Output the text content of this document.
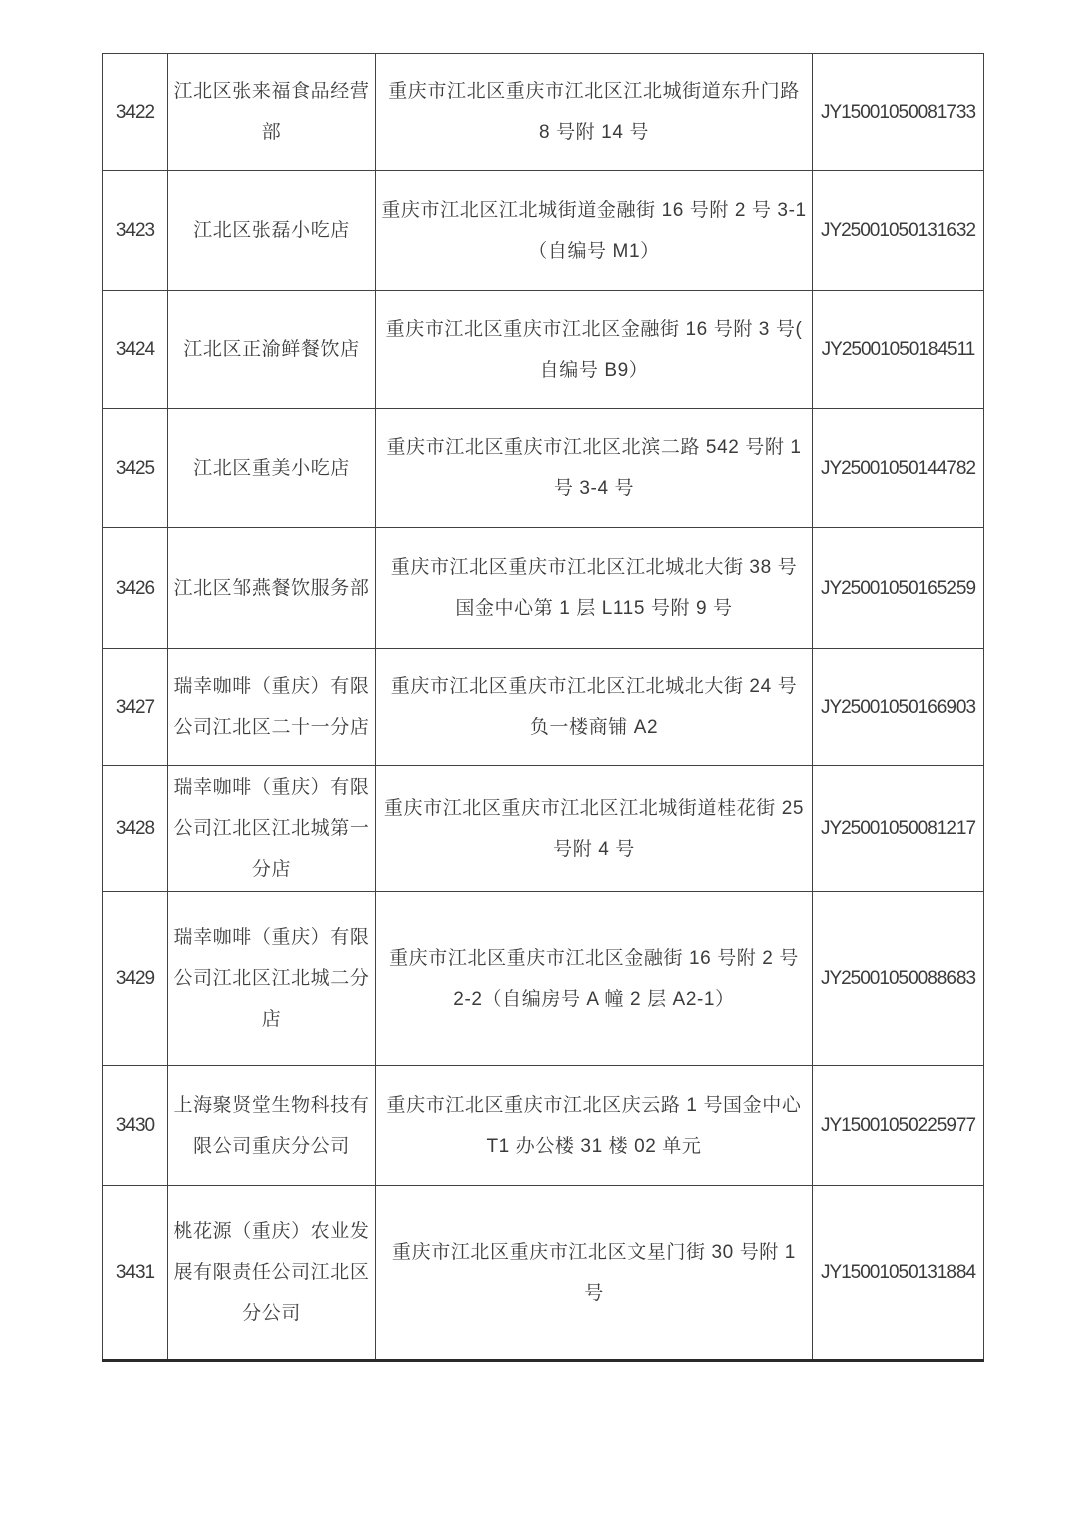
3422	江北区张来福食品经营部	重庆市江北区重庆市江北区江北城街道东升门路 8 号附 14 号	JY15001050081733
3423	江北区张磊小吃店	重庆市江北区江北城街道金融街 16 号附 2 号 3-1（自编号 M1）	JY25001050131632
3424	江北区正渝鲜餐饮店	重庆市江北区重庆市江北区金融街 16 号附 3 号( 自编号 B9）	JY25001050184511
3425	江北区重美小吃店	重庆市江北区重庆市江北区北滨二路 542 号附 1 号 3-4 号	JY25001050144782
3426	江北区邹燕餐饮服务部	重庆市江北区重庆市江北区江北城北大街 38 号国金中心第 1 层 L115 号附 9 号	JY25001050165259
3427	瑞幸咖啡（重庆）有限公司江北区二十一分店	重庆市江北区重庆市江北区江北城北大街 24 号负一楼商铺 A2	JY25001050166903
3428	瑞幸咖啡（重庆）有限公司江北区江北城第一分店	重庆市江北区重庆市江北区江北城街道桂花街 25 号附 4 号	JY25001050081217
3429	瑞幸咖啡（重庆）有限公司江北区江北城二分店	重庆市江北区重庆市江北区金融街 16 号附 2 号 2-2（自编房号 A 幢 2 层 A2-1）	JY25001050088683
3430	上海聚贤堂生物科技有限公司重庆分公司	重庆市江北区重庆市江北区庆云路 1 号国金中心 T1 办公楼 31 楼 02 单元	JY15001050225977
3431	桃花源（重庆）农业发展有限责任公司江北区分公司	重庆市江北区重庆市江北区文星门街 30 号附 1 号	JY15001050131884
